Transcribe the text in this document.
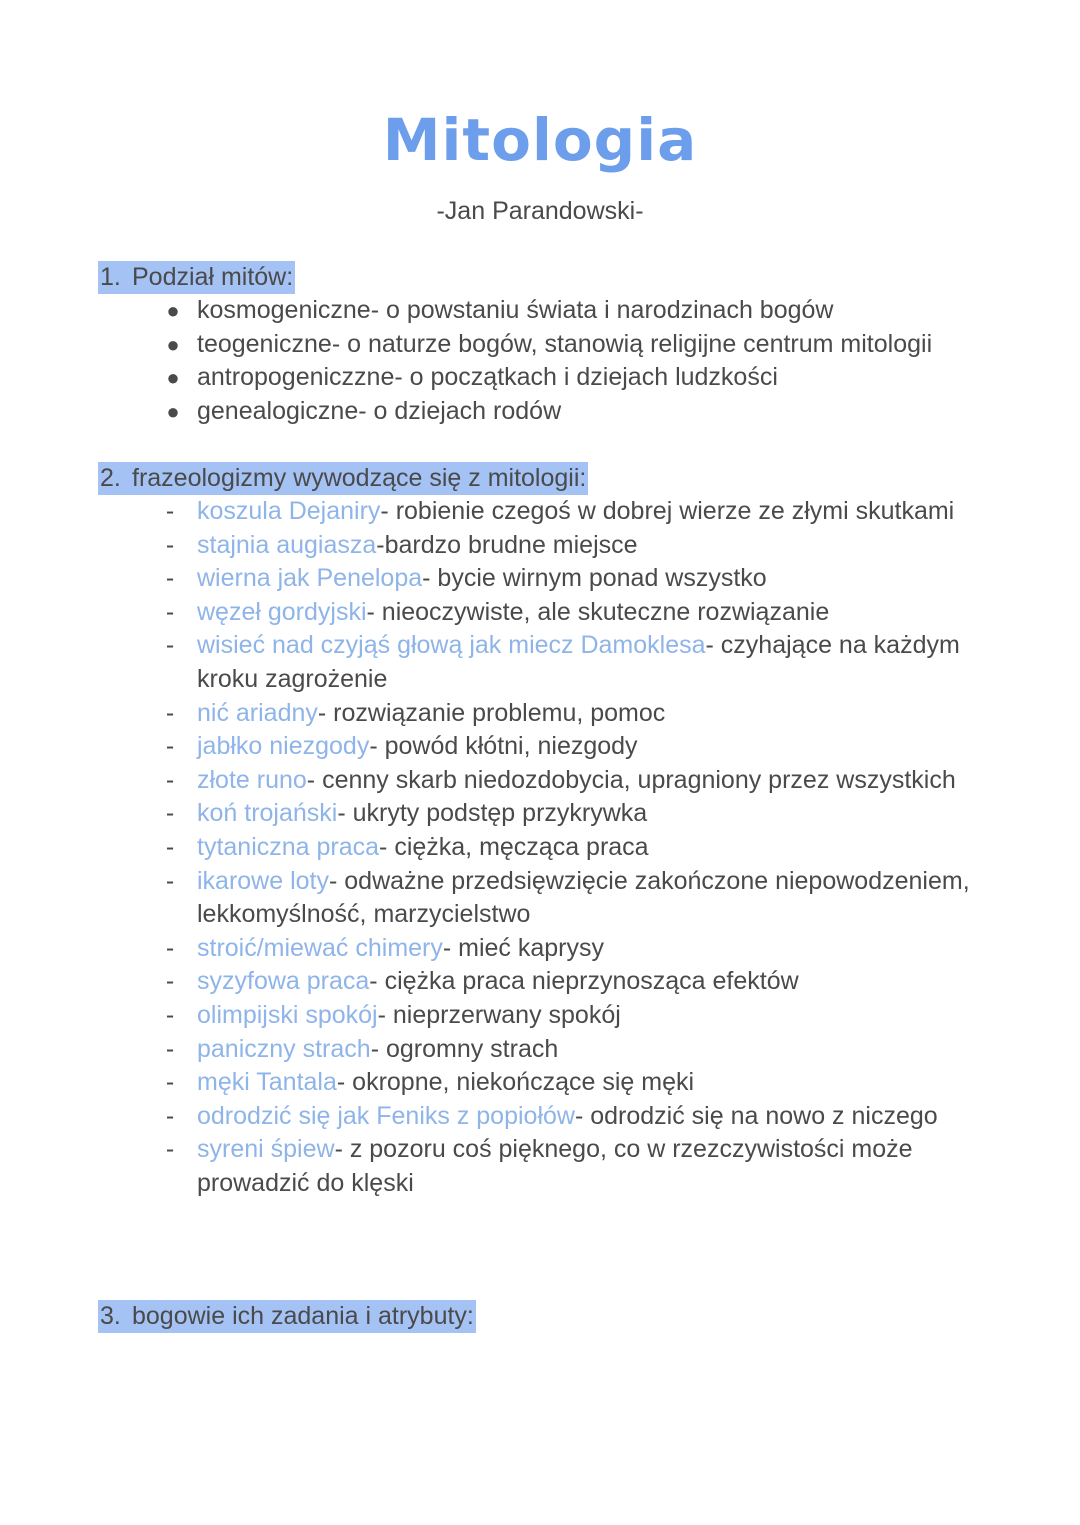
Mitologia
-Jan Parandowski-
1. Podział mitów:
● kosmogeniczne- o powstaniu świata i narodzinach bogów
● teogeniczne- o naturze bogów, stanowią religijne centrum mitologii
● antropogeniczzne- o początkach i dziejach ludzkości
● genealogiczne- o dziejach rodów
2. frazeologizmy wywodzące się z mitologii:
- koszula Dejaniry- robienie czegoś w dobrej wierze ze złymi skutkami
- stajnia augiasza-bardzo brudne miejsce
- wierna jak Penelopa- bycie wirnym ponad wszystko
- węzeł gordyjski- nieoczywiste, ale skuteczne rozwiązanie
- wisieć nad czyjąś głową jak miecz Damoklesa- czyhające na każdym kroku zagrożenie
- nić ariadny- rozwiązanie problemu, pomoc
- jabłko niezgody- powód kłótni, niezgody
- złote runo- cenny skarb niedozdobycia, upragniony przez wszystkich
- koń trojański- ukryty podstęp przykrywka
- tytaniczna praca- ciężka, męcząca praca
- ikarowe loty- odważne przedsięwzięcie zakończone niepowodzeniem, lekkomyślność, marzycielstwo
- stroić/miewać chimery- mieć kaprysy
- syzyfowa praca- ciężka praca nieprzynosząca efektów
- olimpijski spokój- nieprzerwany spokój
- paniczny strach- ogromny strach
- męki Tantala- okropne, niekończące się męki
- odrodzić się jak Feniks z popiołów- odrodzić się na nowo z niczego
- syreni śpiew- z pozoru coś pięknego, co w rzezczywistości może prowadzić do klęski
3. bogowie ich zadania i atrybuty:
